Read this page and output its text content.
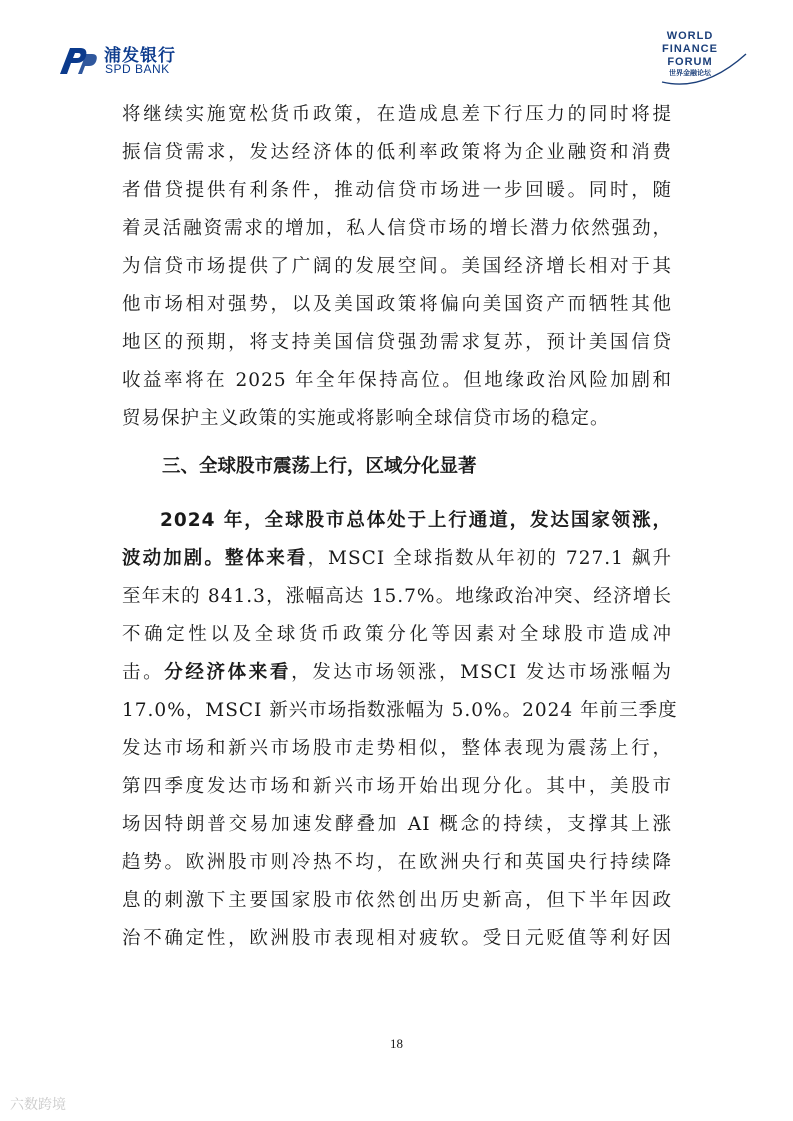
浦发银行
SPD BANK
WORLD
FINANCE
FORUM
世界金融论坛
将继续实施宽松货币政策，在造成息差下行压力的同时将提
振信贷需求，发达经济体的低利率政策将为企业融资和消费
者借贷提供有利条件，推动信贷市场进一步回暖。同时，随
着灵活融资需求的增加，私人信贷市场的增长潜力依然强劲，
为信贷市场提供了广阔的发展空间。美国经济增长相对于其
他市场相对强势，以及美国政策将偏向美国资产而牺牲其他
地区的预期，将支持美国信贷强劲需求复苏，预计美国信贷
收益率将在 2025 年全年保持高位。但地缘政治风险加剧和
贸易保护主义政策的实施或将影响全球信贷市场的稳定。
三、全球股市震荡上行，区域分化显著
2024 年，全球股市总体处于上行通道，发达国家领涨，
波动加剧。整体来看，MSCI 全球指数从年初的 727.1 飙升
至年末的 841.3，涨幅高达 15.7%。地缘政治冲突、经济增长
不确定性以及全球货币政策分化等因素对全球股市造成冲
击。分经济体来看，发达市场领涨，MSCI 发达市场涨幅为
17.0%，MSCI 新兴市场指数涨幅为 5.0%。2024 年前三季度
发达市场和新兴市场股市走势相似，整体表现为震荡上行，
第四季度发达市场和新兴市场开始出现分化。其中，美股市
场因特朗普交易加速发酵叠加 AI 概念的持续，支撑其上涨
趋势。欧洲股市则冷热不均，在欧洲央行和英国央行持续降
息的刺激下主要国家股市依然创出历史新高，但下半年因政
治不确定性，欧洲股市表现相对疲软。受日元贬值等利好因
18
六数跨境
